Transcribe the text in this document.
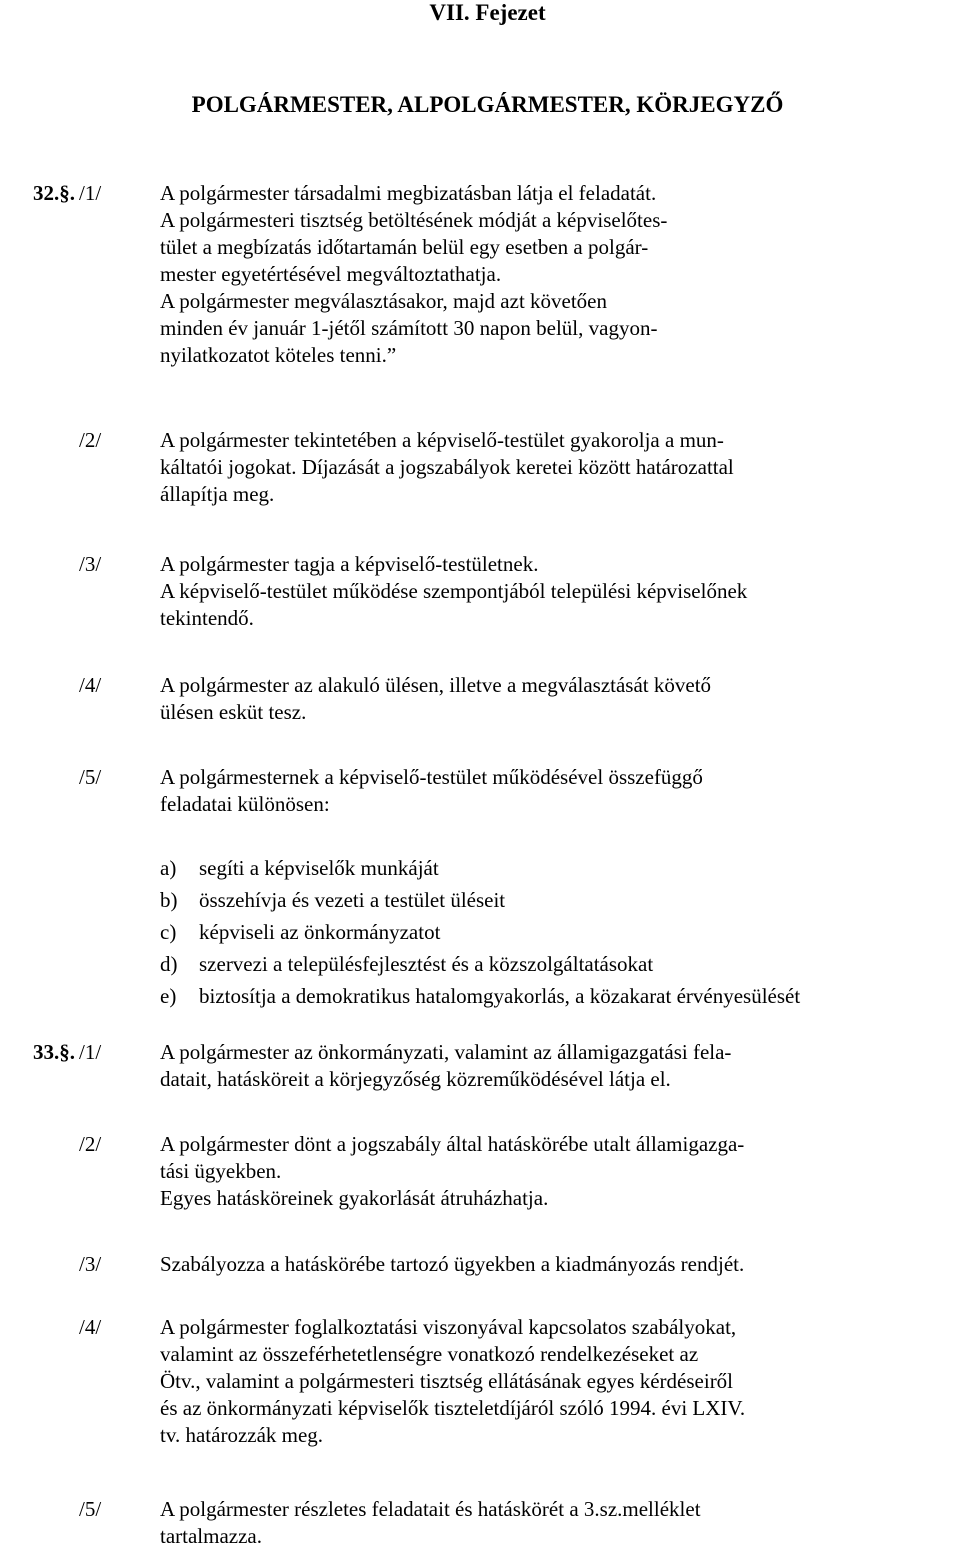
VII. Fejezet
POLGÁRMESTER, ALPOLGÁRMESTER, KÖRJEGYZŐ
32.§. /1/	A polgármester társadalmi megbizatásban látja el feladatát.
A polgármesteri tisztség betöltésének módját a képviselőtes-
tület a megbízatás időtartamán belül egy esetben a polgár-
mester egyetértésével megváltoztathatja.
A polgármester megválasztásakor, majd azt követően
minden év január 1-jétől számított 30 napon belül, vagyon-
nyilatkozatot köteles tenni.”
/2/	A polgármester tekintetében a képviselő-testület gyakorolja a mun-
káltatói jogokat. Díjazását a jogszabályok keretei között határozattal
állapítja meg.
/3/	A polgármester tagja a képviselő-testületnek.
A képviselő-testület működése szempontjából települési képviselőnek
tekintendő.
/4/	A polgármester az alakuló ülésen, illetve a megválasztását követő
ülésen esküt tesz.
/5/	A polgármesternek a képviselő-testület működésével összefüggő
feladatai különösen:
a) segíti a képviselők munkáját
b) összehívja és vezeti a testület üléseit
c) képviseli az önkormányzatot
d) szervezi a településfejlesztést és a közszolgáltatásokat
e) biztosítja a demokratikus hatalomgyakorlás, a közakarat érvényesülését
33.§. /1/	A polgármester az önkormányzati, valamint az államigazgatási fela-
datait, hatásköreit a körjegyzőség közreműködésével látja el.
/2/	A polgármester dönt a jogszabály által hatáskörébe utalt államigazga-
tási ügyekben.
Egyes hatásköreinek gyakorlását átruházhatja.
/3/	Szabályozza a hatáskörébe tartozó ügyekben a kiadmányozás rendjét.
/4/	A polgármester foglalkoztatási viszonyával kapcsolatos szabályokat,
valamint az összeférhetetlenségre vonatkozó rendelkezéseket az
Ötv., valamint a polgármesteri tisztség ellátásának egyes kérdéseiről
és az önkormányzati képviselők tiszteletdíjáról szóló 1994. évi LXIV.
tv. határozzák meg.
/5/	A polgármester részletes feladatait és hatáskörét a 3.sz.melléklet
tartalmazza.
